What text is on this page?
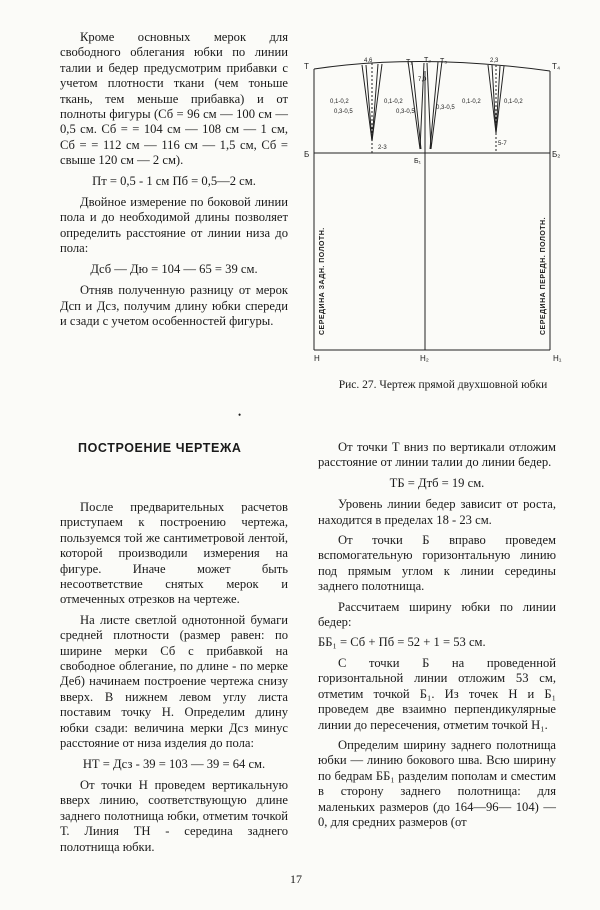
Кроме основных мерок для свободного облегания юбки по линии талии и бедер предусмотрим прибавки с учетом плотности ткани (чем тоньше ткань, тем меньше прибавка) и от полноты фигуры (Сб = 96 см — 100 см — 0,5 см. Сб = = 104 см — 108 см — 1 см, Сб = = 112 см — 116 см — 1,5 см, Сб = свыше 120 см — 2 см).

Пт = 0,5 - 1 см Пб = 0,5—2 см.

Двойное измерение по боковой линии пола и до необходимой длины позволяет определить расстояние от линии низа до пола:

Дсб — Дю = 104 — 65 = 39 см.

Отняв полученную разницу от мерок Дсп и Дсз, получим длину юбки спереди и сзади с учетом особенностей фигуры.

ПОСТРОЕНИЕ ЧЕРТЕЖА

После предварительных расчетов приступаем к построению чертежа, пользуемся той же сантиметровой лентой, которой производили измерения на фигуре. Иначе может быть несоответствие снятых мерок и отмеченных отрезков на чертеже.

На листе светлой однотонной бумаги средней плотности (размер равен: по ширине мерки Сб с прибавкой на свободное облегание, по длине - по мерке Деб) начинаем построение чертежа снизу вверх. В нижнем левом углу листа поставим точку Н. Определим длину юбки сзади: величина мерки Дсз минус расстояние от низа изделия до пола:

НТ = Дсз - 39 = 103 — 39 = 64 см.

От точки Н проведем вертикальную вверх линию, соответствующую длине заднего полотнища юбки, отметим точкой Т. Линия ТН - середина заднего полотнища юбки.

От точки Т вниз по вертикали отложим расстояние от линии талии до линии бедер.

ТБ = Дтб = 19 см.

Уровень линии бедер зависит от роста, находится в пределах 18 - 23 см.

От точки Б вправо проведем вспомогательную горизонтальную линию под прямым углом к линии середины заднего полотнища.

Рассчитаем ширину юбки по линии бедер:

ББ₁ = Сб + Пб = 52 + 1 = 53 см.

С точки Б на проведенной горизонтальной линии отложим 53 см, отметим точкой Б₁. Из точек Н и Б₁ проведем две взаимно перпендикулярные линии до пересечения, отметим точкой Н₁.

Определим ширину заднего полотнища юбки — линию бокового шва. Всю ширину по бедрам ББ₁ разделим пополам и сместим в сторону заднего полотнища: для маленьких размеров (до 164—96— 104) — 0, для средних размеров (от

Т	Т₄
Т₁ Т₂ Т₃
Б
Б₁
Б₂
Н	Н₂	Н₁
4,6	2,3
7,0
0,1-0,2	0,1-0,2
0,3-0,5	0,3-0,5
0,3-0,5
0,1-0,2	0,1-0,2
2-3
5-7
СЕРЕДИНА ЗАДН. ПОЛОТН.	СЕРЕДИНА ПЕРЕДН. ПОЛОТН.
Рис. 27. Чертеж прямой двухшовной юбки
•
17
